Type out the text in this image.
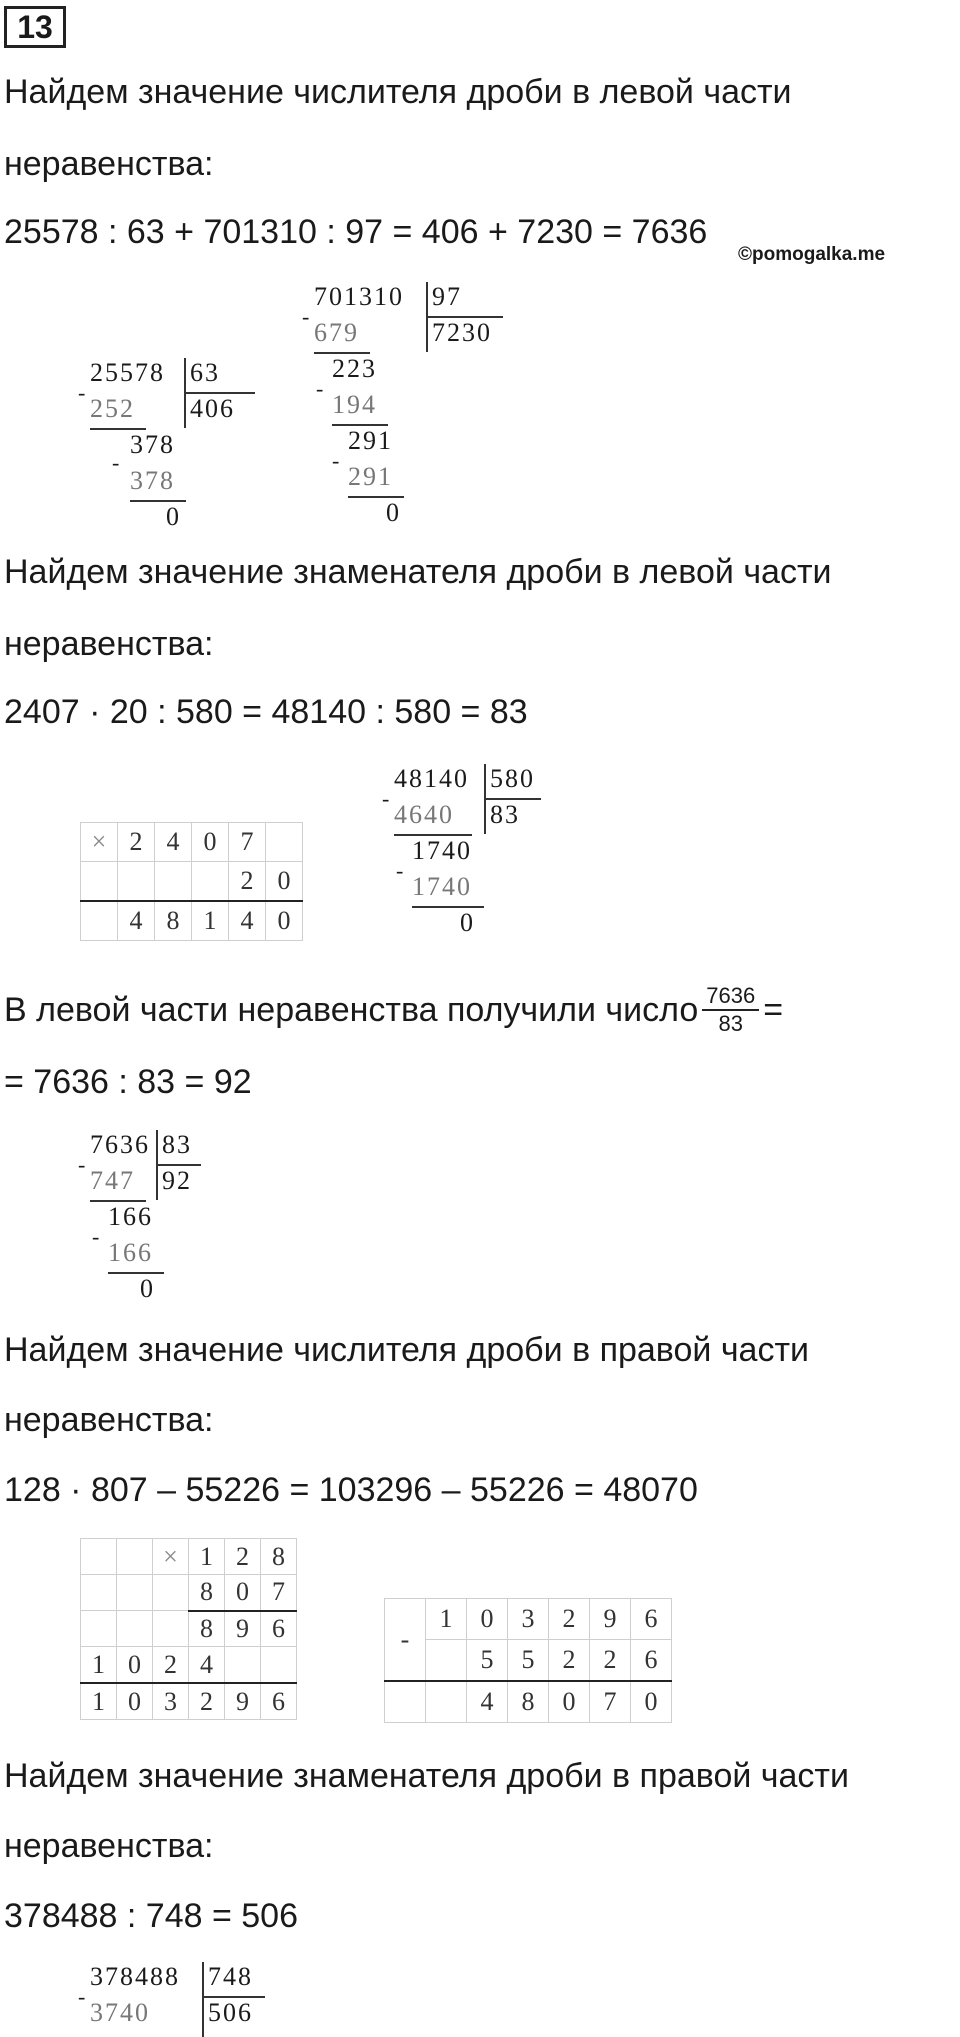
13
Найдем значение числителя дроби в левой части
неравенства:
25578 : 63 + 701310 : 97 = 406 + 7230 = 7636
©pomogalka.me
-
25578 63
406
252
-
378
378
0
-
701310 97
7230
679
-
223
194
-
291
291
0
Найдем значение знаменателя дроби в левой части
неравенства:
2407 · 20 : 580 = 48140 : 580 = 83
×	2	4	0	7	
				2	0
	4	8	1	4	0
-
48140 580
83
4640
-
1740
1740
0
В левой части неравенства получили число $\frac{7636}{83}$ =
= 7636 : 83 = 92
-
7636 83
92
747
-
166
166
0
Найдем значение числителя дроби в правой части
неравенства:
128 · 807 – 55226 = 103296 – 55226 = 48070
		×	1	2	8
			8	0	7
			8	9	6
1	0	2	4		
1	0	3	2	9	6
-	1	0	3	2	9	6
		5	5	2	2	6
		4	8	0	7	0
Найдем значение знаменателя дроби в правой части
неравенства:
378488 : 748 = 506
-
378488 748
506
3740
